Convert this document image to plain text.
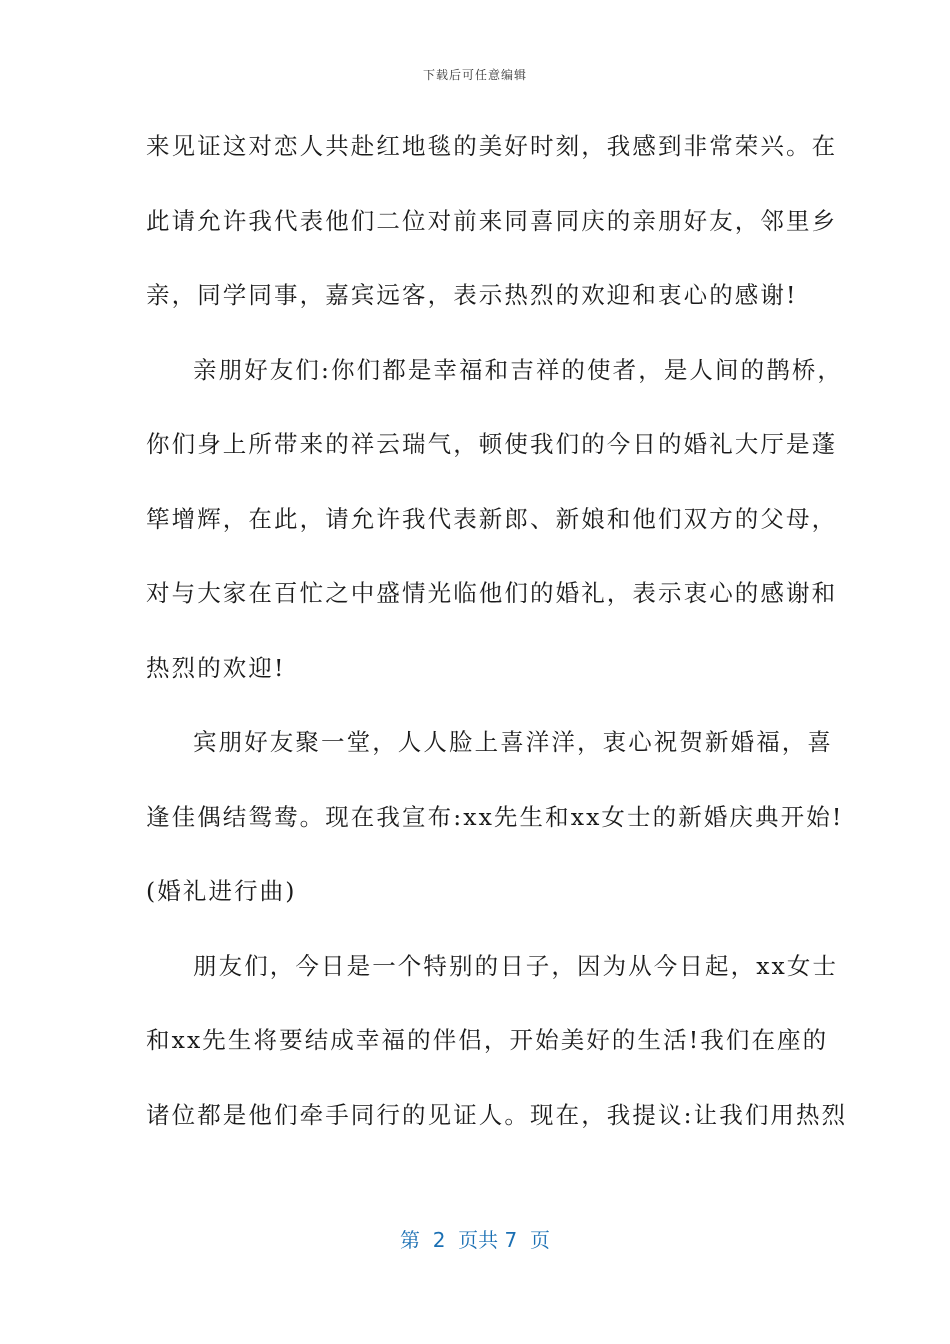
下载后可任意编辑
来见证这对恋人共赴红地毯的美好时刻，我感到非常荣兴。在
此请允许我代表他们二位对前来同喜同庆的亲朋好友，邻里乡
亲，同学同事，嘉宾远客，表示热烈的欢迎和衷心的感谢!
亲朋好友们:你们都是幸福和吉祥的使者，是人间的鹊桥，
你们身上所带来的祥云瑞气，顿使我们的今日的婚礼大厅是蓬
筚增辉，在此，请允许我代表新郎、新娘和他们双方的父母，
对与大家在百忙之中盛情光临他们的婚礼，表示衷心的感谢和
热烈的欢迎!
宾朋好友聚一堂，人人脸上喜洋洋，衷心祝贺新婚福，喜
逢佳偶结鸳鸯。现在我宣布:xx先生和xx女士的新婚庆典开始!
(婚礼进行曲)
朋友们，今日是一个特别的日子，因为从今日起，xx女士
和xx先生将要结成幸福的伴侣，开始美好的生活!我们在座的
诸位都是他们牵手同行的见证人。现在，我提议:让我们用热烈
第  2  页共 7  页
